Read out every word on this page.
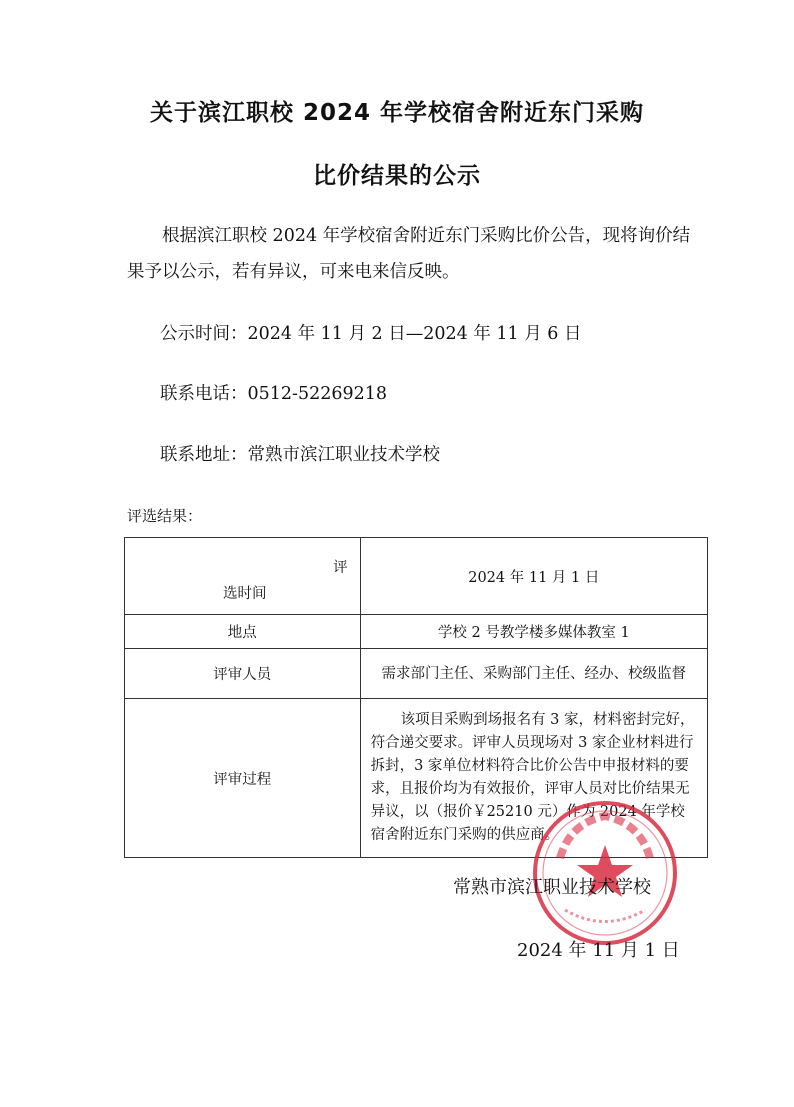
关于滨江职校 2024 年学校宿舍附近东门采购
比价结果的公示
根据滨江职校 2024 年学校宿舍附近东门采购比价公告，现将询价结果予以公示，若有异议，可来电来信反映。
公示时间：2024 年 11 月 2 日—2024 年 11 月 6 日
联系电话：0512-52269218
联系地址：常熟市滨江职业技术学校
评选结果：
评
选时间	2024 年 11 月 1 日
地点	学校 2 号教学楼多媒体教室 1
评审人员	需求部门主任、采购部门主任、经办、校级监督
评审过程	该项目采购到场报名有 3 家，材料密封完好，符合递交要求。评审人员现场对 3 家企业材料进行拆封，3 家单位材料符合比价公告中申报材料的要求，且报价均为有效报价，评审人员对比价结果无异议，以（报价￥25210 元）作为 2024 年学校宿舍附近东门采购的供应商。
常熟市滨江职业技术学校
2024 年 11 月 1 日
